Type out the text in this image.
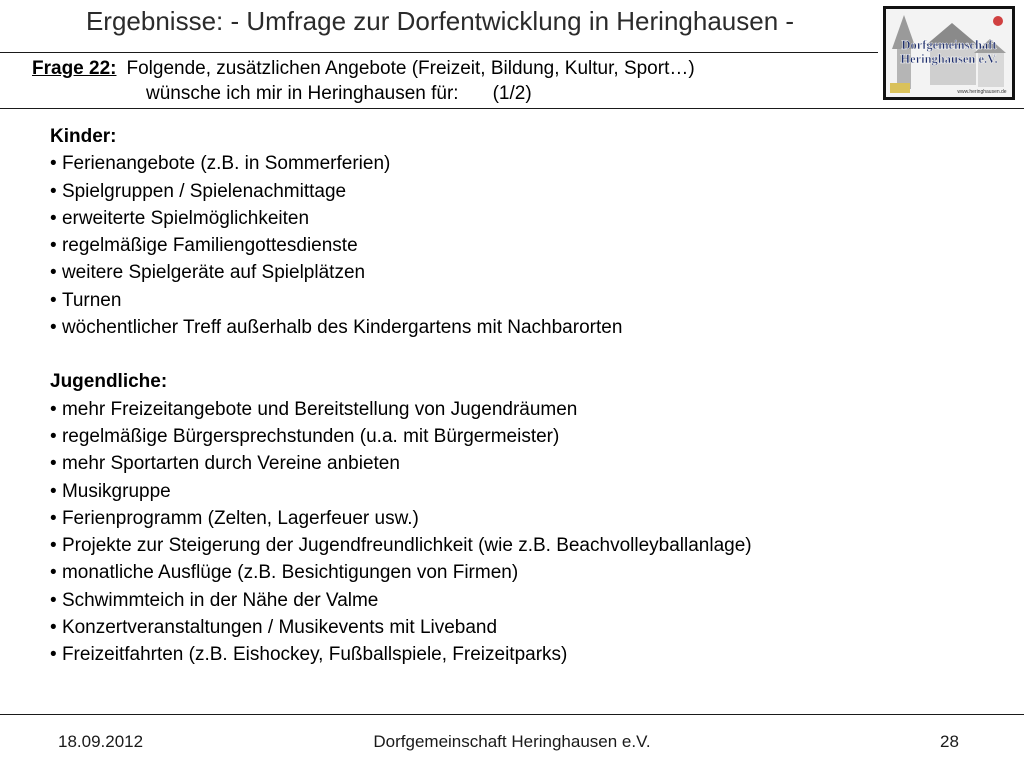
Ergebnisse: - Umfrage zur Dorfentwicklung in Heringhausen -
Dorfgemeinschaft
Heringhausen e.V.
www.heringhausen.de
Frage 22: Folgende, zusätzlichen Angebote (Freizeit, Bildung, Kultur, Sport…)
wünsche ich mir in Heringhausen für: (1/2)
Kinder:
• Ferienangebote (z.B. in Sommerferien)
• Spielgruppen / Spielenachmittage
• erweiterte Spielmöglichkeiten
• regelmäßige Familiengottesdienste
• weitere Spielgeräte auf Spielplätzen
• Turnen
• wöchentlicher Treff außerhalb des Kindergartens mit Nachbarorten
Jugendliche:
• mehr Freizeitangebote und Bereitstellung von Jugendräumen
• regelmäßige Bürgersprechstunden (u.a. mit Bürgermeister)
• mehr Sportarten durch Vereine anbieten
• Musikgruppe
• Ferienprogramm (Zelten, Lagerfeuer usw.)
• Projekte zur Steigerung der Jugendfreundlichkeit (wie z.B. Beachvolleyballanlage)
• monatliche Ausflüge (z.B. Besichtigungen von Firmen)
• Schwimmteich in der Nähe der Valme
• Konzertveranstaltungen / Musikevents mit Liveband
• Freizeitfahrten (z.B. Eishockey, Fußballspiele, Freizeitparks)
18.09.2012	Dorfgemeinschaft Heringhausen e.V.	28
